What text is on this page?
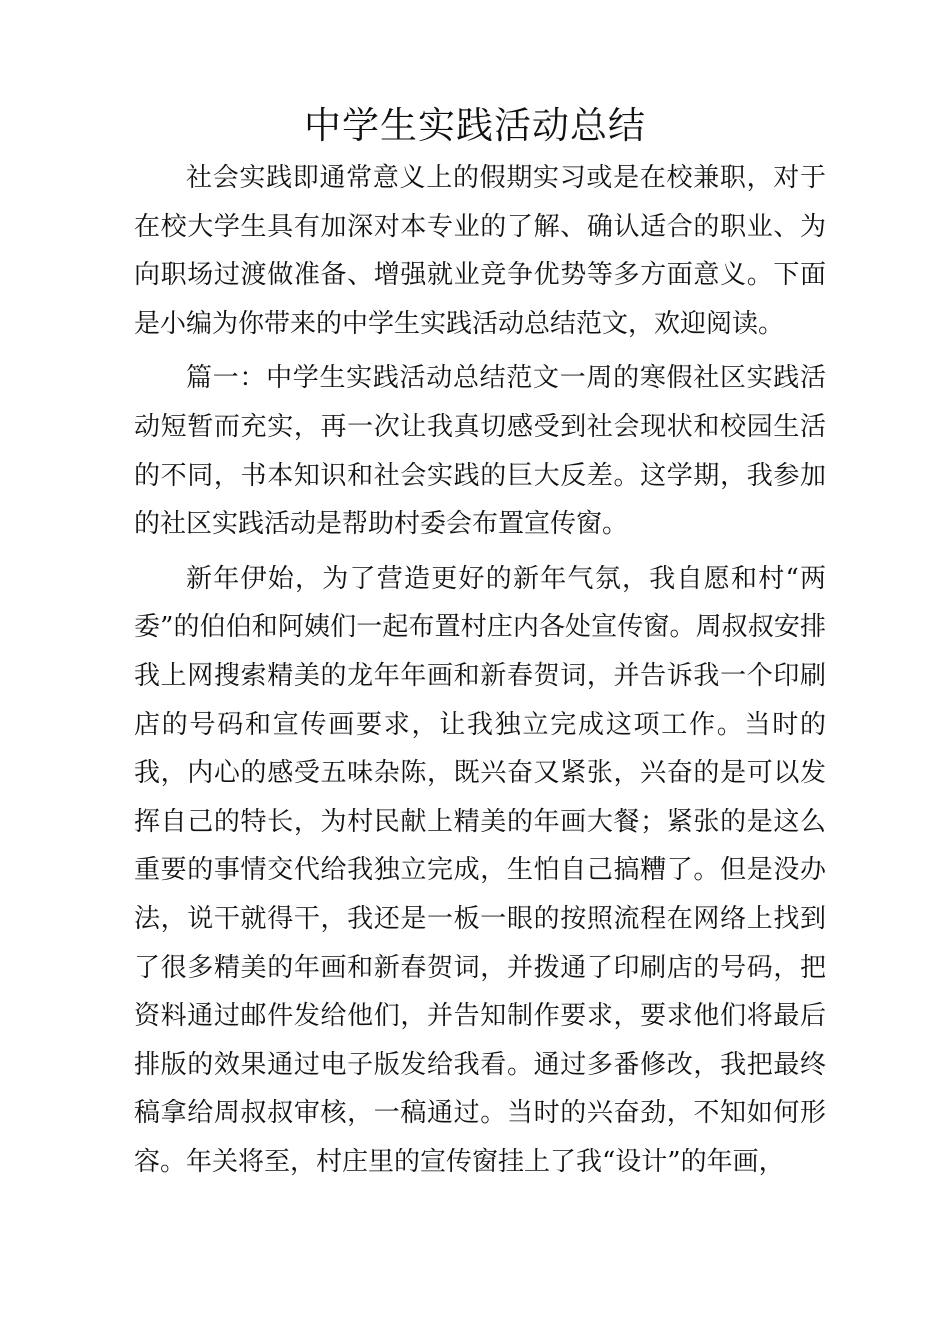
中学生实践活动总结

社会实践即通常意义上的假期实习或是在校兼职，对于在校大学生具有加深对本专业的了解、确认适合的职业、为向职场过渡做准备、增强就业竞争优势等多方面意义。下面是小编为你带来的中学生实践活动总结范文，欢迎阅读。

篇一：中学生实践活动总结范文一周的寒假社区实践活动短暂而充实，再一次让我真切感受到社会现状和校园生活的不同，书本知识和社会实践的巨大反差。这学期，我参加的社区实践活动是帮助村委会布置宣传窗。

新年伊始，为了营造更好的新年气氛，我自愿和村“两委”的伯伯和阿姨们一起布置村庄内各处宣传窗。周叔叔安排我上网搜索精美的龙年年画和新春贺词，并告诉我一个印刷店的号码和宣传画要求，让我独立完成这项工作。当时的我，内心的感受五味杂陈，既兴奋又紧张，兴奋的是可以发挥自己的特长，为村民献上精美的年画大餐；紧张的是这么重要的事情交代给我独立完成，生怕自己搞糟了。但是没办法，说干就得干，我还是一板一眼的按照流程在网络上找到了很多精美的年画和新春贺词，并拨通了印刷店的号码，把资料通过邮件发给他们，并告知制作要求，要求他们将最后排版的效果通过电子版发给我看。通过多番修改，我把最终稿拿给周叔叔审核，一稿通过。当时的兴奋劲，不知如何形容。年关将至，村庄里的宣传窗挂上了我“设计”的年画，
